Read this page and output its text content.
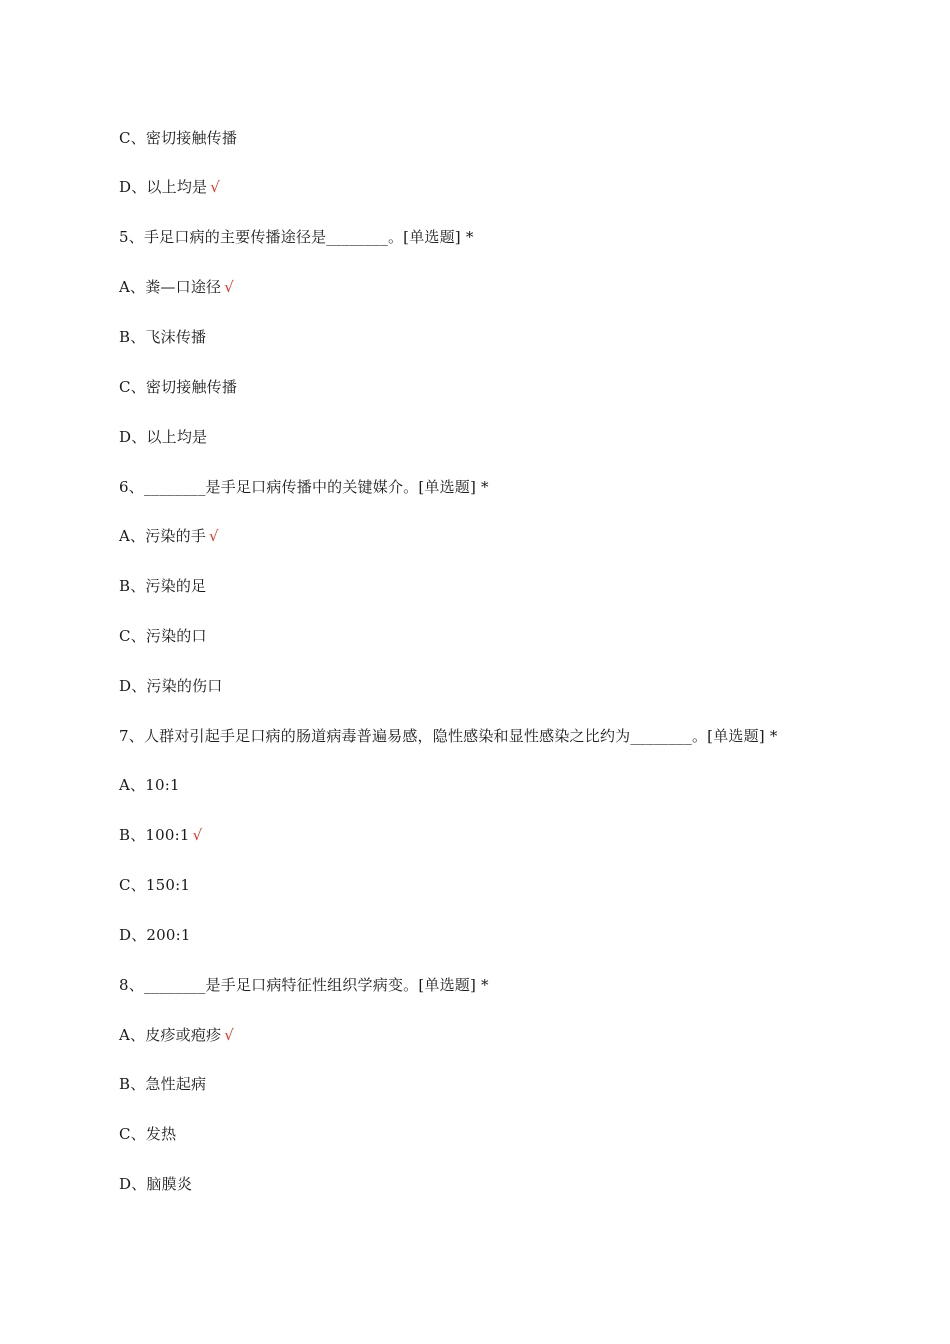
C、密切接触传播
D、以上均是 √
5、手足口病的主要传播途径是________。[单选题] *
A、粪—口途径 √
B、飞沫传播
C、密切接触传播
D、以上均是
6、________是手足口病传播中的关键媒介。[单选题] *
A、污染的手 √
B、污染的足
C、污染的口
D、污染的伤口
7、人群对引起手足口病的肠道病毒普遍易感，隐性感染和显性感染之比约为________。[单选题] *
A、10:1
B、100:1 √
C、150:1
D、200:1
8、________是手足口病特征性组织学病变。[单选题] *
A、皮疹或疱疹 √
B、急性起病
C、发热
D、脑膜炎
